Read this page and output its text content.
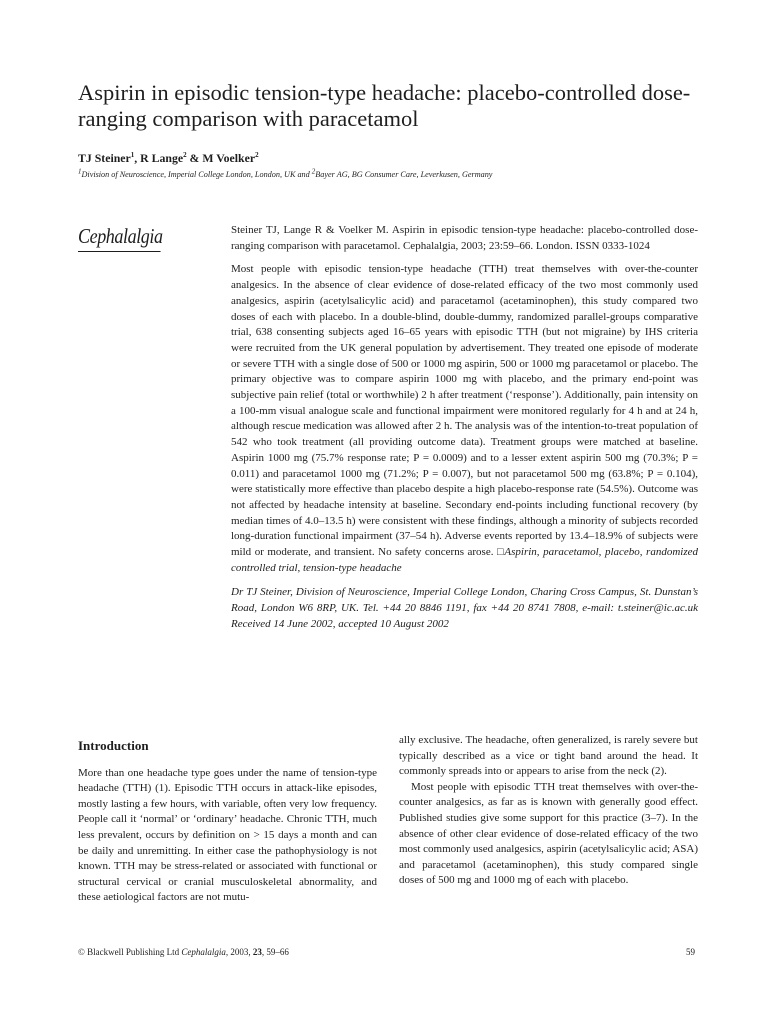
Aspirin in episodic tension-type headache: placebo-controlled dose-ranging comparison with paracetamol
TJ Steiner$^1$, R Lange$^2$ & M Voelker$^2$
$^1$Division of Neuroscience, Imperial College London, London, UK and $^2$Bayer AG, BG Consumer Care, Leverkusen, Germany
Cephalalgia	Steiner TJ, Lange R & Voelker M. Aspirin in episodic tension-type headache: placebo-controlled dose-ranging comparison with paracetamol. Cephalalgia, 2003; 23:59–66. London. ISSN 0333-1024

Most people with episodic tension-type headache (TTH) treat themselves with over-the-counter analgesics. In the absence of clear evidence of dose-related efficacy of the two most commonly used analgesics, aspirin (acetylsalicylic acid) and paracetamol (acetaminophen), this study compared two doses of each with placebo. In a double-blind, double-dummy, randomized parallel-groups comparative trial, 638 consenting subjects aged 16–65 years with episodic TTH (but not migraine) by IHS criteria were recruited from the UK general population by advertisement. They treated one episode of moderate or severe TTH with a single dose of 500 or 1000 mg aspirin, 500 or 1000 mg paracetamol or placebo. The primary objective was to compare aspirin 1000 mg with placebo, and the primary end-point was subjective pain relief (total or worthwhile) 2 h after treatment (‘response’). Additionally, pain intensity on a 100-mm visual analogue scale and functional impairment were monitored regularly for 4 h and at 24 h, although rescue medication was allowed after 2 h. The analysis was of the intention-to-treat population of 542 who took treatment (all providing outcome data). Treatment groups were matched at baseline. Aspirin 1000 mg (75.7% response rate; P = 0.0009) and to a lesser extent aspirin 500 mg (70.3%; P = 0.011) and paracetamol 1000 mg (71.2%; P = 0.007), but not paracetamol 500 mg (63.8%; P = 0.104), were statistically more effective than placebo despite a high placebo-response rate (54.5%). Outcome was not affected by headache intensity at baseline. Secondary end-points including functional recovery (by median times of 4.0–13.5 h) were consistent with these findings, although a minority of subjects recorded long-duration functional impairment (37–54 h). Adverse events reported by 13.4–18.9% of subjects were mild or moderate, and transient. No safety concerns arose. □Aspirin, paracetamol, placebo, randomized controlled trial, tension-type headache

Dr TJ Steiner, Division of Neuroscience, Imperial College London, Charing Cross Campus, St. Dunstan’s Road, London W6 8RP, UK. Tel. +44 20 8846 1191, fax +44 20 8741 7808, e-mail: t.steiner@ic.ac.uk Received 14 June 2002, accepted 10 August 2002

Introduction

More than one headache type goes under the name of tension-type headache (TTH) (1). Episodic TTH occurs in attack-like episodes, mostly lasting a few hours, with variable, often very low frequency. People call it ‘normal’ or ‘ordinary’ headache. Chronic TTH, much less prevalent, occurs by definition on > 15 days a month and can be daily and unremitting. In either case the pathophysiology is not known. TTH may be stress-related or associated with functional or structural cervical or cranial musculoskeletal abnormality, and these aetiological factors are not mutu-

ally exclusive. The headache, often generalized, is rarely severe but typically described as a vice or tight band around the head. It commonly spreads into or appears to arise from the neck (2).

Most people with episodic TTH treat themselves with over-the-counter analgesics, as far as is known with generally good effect. Published studies give some support for this practice (3–7). In the absence of other clear evidence of dose-related efficacy of the two most commonly used analgesics, aspirin (acetylsalicylic acid; ASA) and paracetamol (acetaminophen), this study compared single doses of 500 mg and 1000 mg of each with placebo.

© Blackwell Publishing Ltd Cephalalgia, 2003, 23, 59–66	59
